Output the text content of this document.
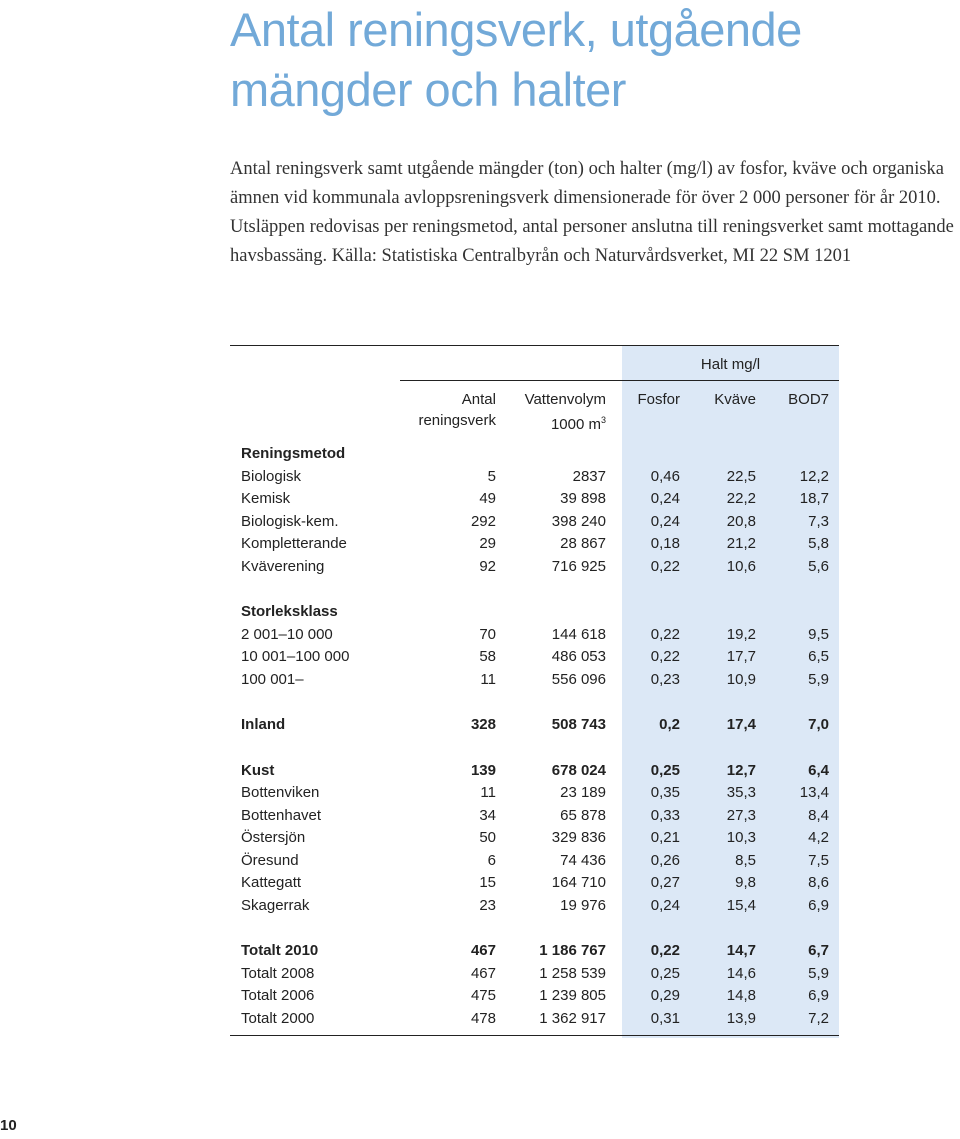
Antal reningsverk, utgående mängder och halter

Antal reningsverk samt utgående mängder (ton) och halter (mg/l) av fosfor, kväve och organiska ämnen vid kommunala avloppsreningsverk dimensionerade för över 2 000 personer för år 2010. Utsläppen redovisas per reningsmetod, antal personer anslutna till reningsverket samt mottagande havsbassäng. Källa: Statistiska Centralbyrån och Naturvårdsverket, MI 22 SM 1201

Halt mg/l
Antal
reningsverk
Vattenvolym
1000 $m^3$
Fosfor Kväve BOD7
Reningsmetod
Biologisk	5	2837	0,46	22,5	12,2
Kemisk	49	39 898	0,24	22,2	18,7
Biologisk-kem.	292	398 240	0,24	20,8	7,3
Kompletterande	29	28 867	0,18	21,2	5,8
Kväverening	92	716 925	0,22	10,6	5,6
Storleksklass
2 001–10 000	70	144 618	0,22	19,2	9,5
10 001–100 000	58	486 053	0,22	17,7	6,5
100 001–	11	556 096	0,23	10,9	5,9
Inland	328	508 743	0,2	17,4	7,0
Kust	139	678 024	0,25	12,7	6,4
Bottenviken	11	23 189	0,35	35,3	13,4
Bottenhavet	34	65 878	0,33	27,3	8,4
Östersjön	50	329 836	0,21	10,3	4,2
Öresund	6	74 436	0,26	8,5	7,5
Kattegatt	15	164 710	0,27	9,8	8,6
Skagerrak	23	19 976	0,24	15,4	6,9
Totalt 2010	467	1 186 767	0,22	14,7	6,7
Totalt 2008	467	1 258 539	0,25	14,6	5,9
Totalt 2006	475	1 239 805	0,29	14,8	6,9
Totalt 2000	478	1 362 917	0,31	13,9	7,2
10
